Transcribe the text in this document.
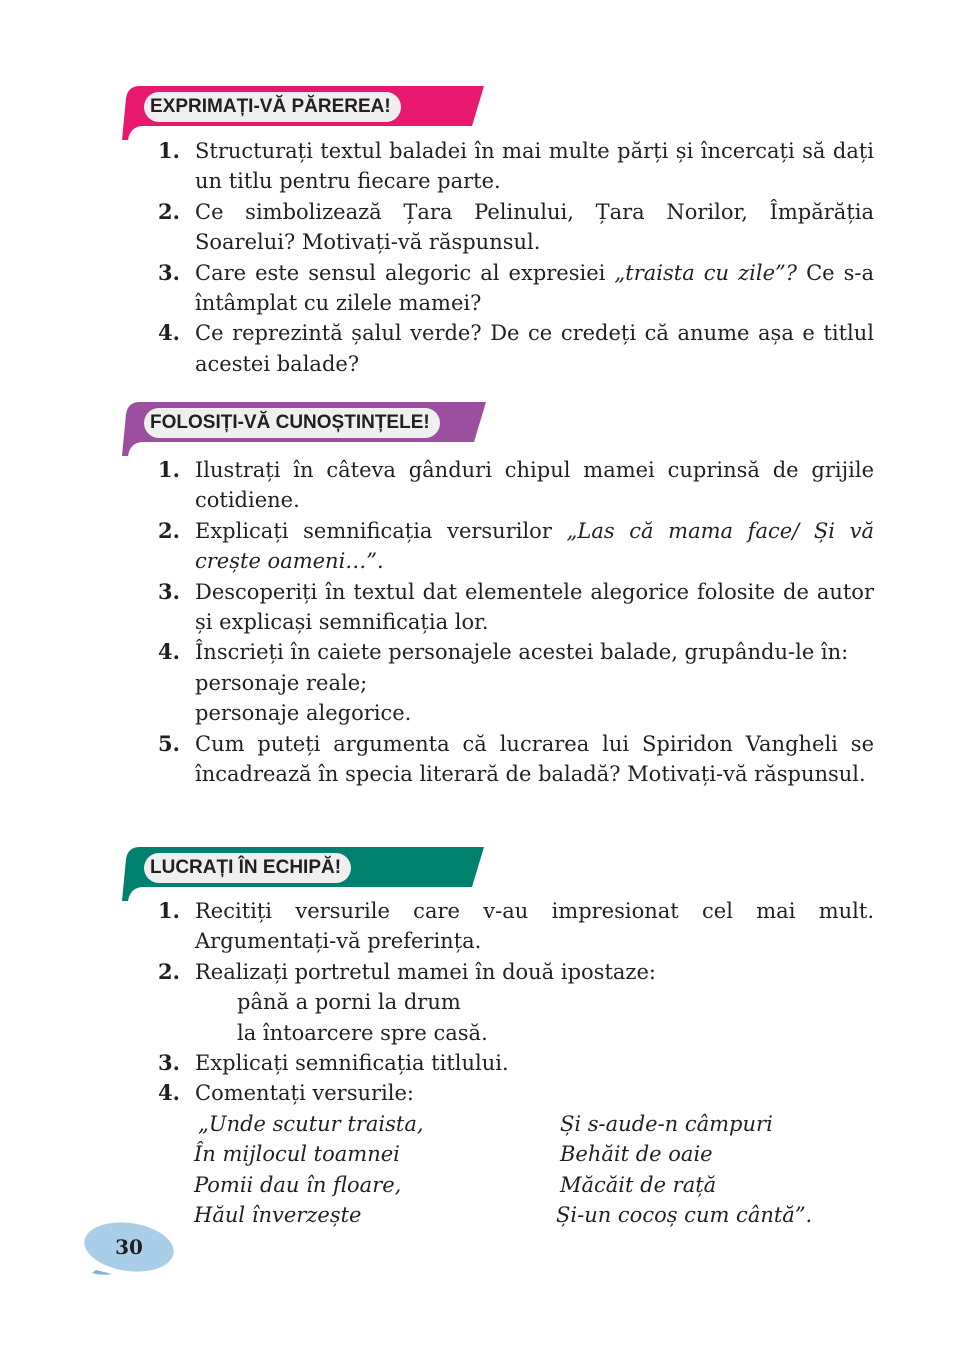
EXPRIMAȚI-VĂ PĂREREA!
1. Structurați textul baladei în mai multe părți și încercați să dați un titlu pentru fiecare parte.
2. Ce simbolizează Țara Pelinului, Țara Norilor, Împărăția Soarelui? Motivați-vă răspunsul.
3. Care este sensul alegoric al expresiei „traista cu zile”? Ce s-a întâmplat cu zilele mamei?
4. Ce reprezintă șalul verde? De ce credeți că anume așa e titlul acestei balade?
FOLOSIȚI-VĂ CUNOȘTINȚELE!
1. Ilustrați în câteva gânduri chipul mamei cuprinsă de grijile cotidiene.
2. Explicați semnificația versurilor „Las că mama face/ Și vă crește oameni…”.
3. Descoperiți în textul dat elementele alegorice folosite de autor și explicași semnificația lor.
4. Înscrieți în caiete personajele acestei balade, grupându-le în:
personaje reale;
personaje alegorice.
5. Cum puteți argumenta că lucrarea lui Spiridon Vangheli se încadrează în specia literară de baladă? Motivați-vă răspunsul.
LUCRAȚI ÎN ECHIPĂ!
1. Recitiți versurile care v-au impresionat cel mai mult. Argumentați-vă preferința.
2. Realizați portretul mamei în două ipostaze:
până a porni la drum
la întoarcere spre casă.
3. Explicați semnificația titlului.
4. Comentați versurile:
„Unde scutur traista,	Și s-aude-n câmpuri
În mijlocul toamnei	Behăit de oaie
Pomii dau în floare,	Măcăit de rață
Hăul înverzește	Și-un cocoș cum cântă”.
30
